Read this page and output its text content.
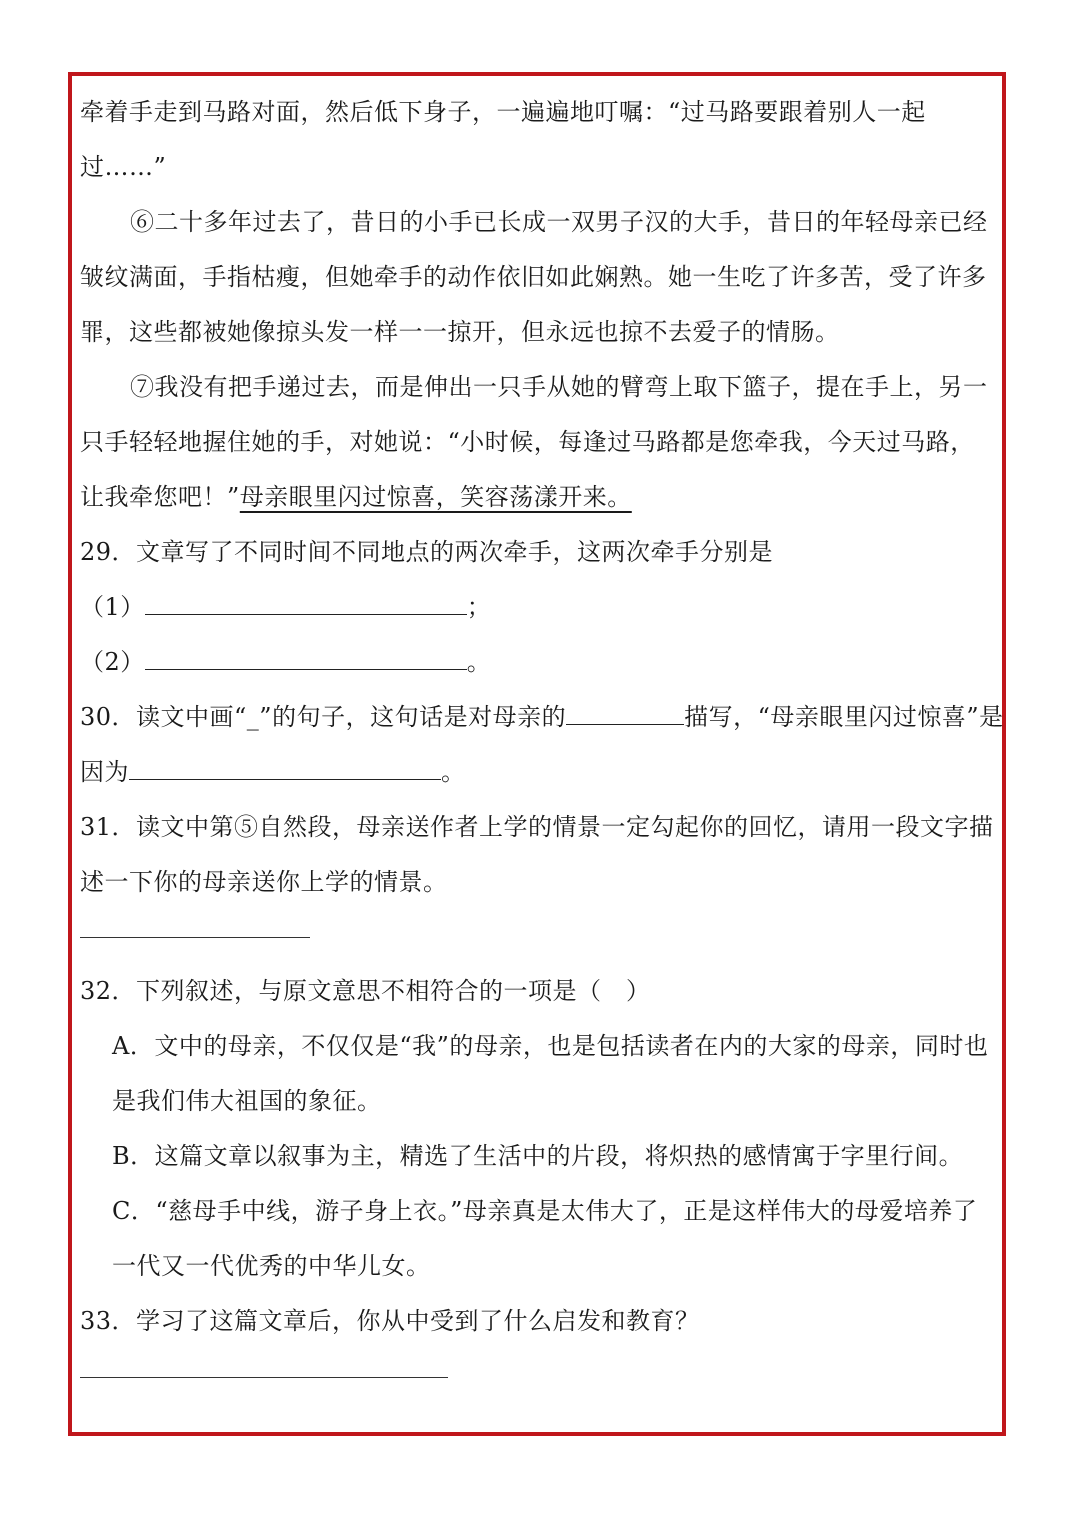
牵着手走到马路对面，然后低下身子，一遍遍地叮嘱：“过马路要跟着别人一起
过……”
⑥二十多年过去了，昔日的小手已长成一双男子汉的大手，昔日的年轻母亲已经
皱纹满面，手指枯瘦，但她牵手的动作依旧如此娴熟。她一生吃了许多苦，受了许多
罪，这些都被她像掠头发一样一一掠开，但永远也掠不去爱子的情肠。
⑦我没有把手递过去，而是伸出一只手从她的臂弯上取下篮子，提在手上，另一
只手轻轻地握住她的手，对她说：“小时候，每逢过马路都是您牵我，今天过马路，
让我牵您吧！”母亲眼里闪过惊喜，笑容荡漾开来。
29．文章写了不同时间不同地点的两次牵手，这两次牵手分别是
（1）	；
（2）	。
30．读文中画“_”的句子，这句话是对母亲的	描写，“母亲眼里闪过惊喜”是
因为	。
31．读文中第⑤自然段，母亲送作者上学的情景一定勾起你的回忆，请用一段文字描
述一下你的母亲送你上学的情景。
32．下列叙述，与原文意思不相符合的一项是（　）
A．文中的母亲，不仅仅是“我”的母亲，也是包括读者在内的大家的母亲，同时也
是我们伟大祖国的象征。
B．这篇文章以叙事为主，精选了生活中的片段，将炽热的感情寓于字里行间。
C．“慈母手中线，游子身上衣。”母亲真是太伟大了，正是这样伟大的母爱培养了
一代又一代优秀的中华儿女。
33．学习了这篇文章后，你从中受到了什么启发和教育？
